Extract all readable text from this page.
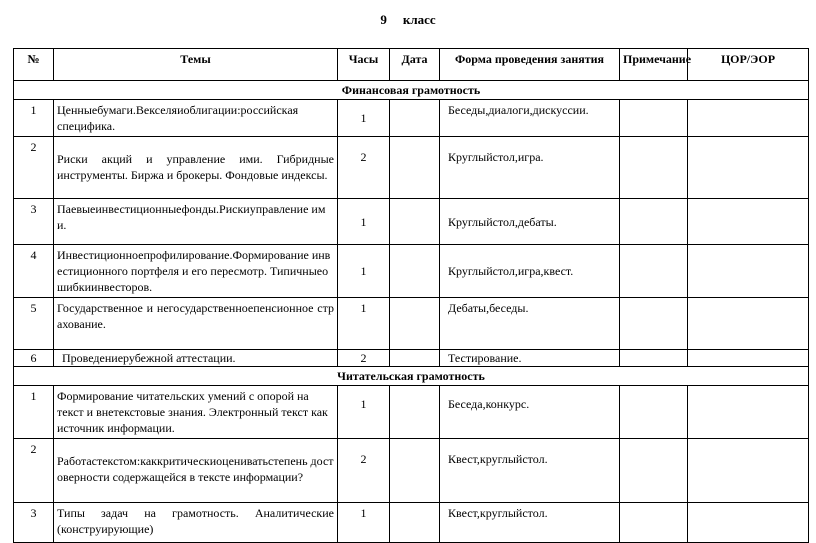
9 класс
№	Темы	Часы	Дата	Форма проведения занятия	Примечание	ЦОР/ЭОР
Финансовая грамотность						
1	Ценныебумаги.Векселяиоблигации:российская специфика.	1		Беседы,диалоги,дискуссии.		
2	Риски акций и управление ими. Гибридные инструменты. Биржа и брокеры. Фондовые индексы.	2		Круглыйстол,игра.		
3	Паевыеинвестиционныефонды.Рискиуправление ими.	1		Круглыйстол,дебаты.		
4	Инвестиционноепрофилирование.Формирование инвестиционного портфеля и его пересмотр. Типичныеошибкиинвесторов.	1		Круглыйстол,игра,квест.		
5	Государственное и негосударственноепенсионное страхование.	1		Дебаты,беседы.		
6	Проведениерубежной аттестации.	2		Тестирование.		
Читательская грамотность						
1	Формирование читательских умений с опорой на текст и внетекстовые знания. Электронный текст как источник информации.	1		Беседа,конкурс.		
2	Работастекстом:каккритическиоцениватьстепень достоверности содержащейся в тексте информации?	2		Квест,круглыйстол.		
3	Типы задач на грамотность. Аналитические (конструирующие)	1		Квест,круглыйстол.		
